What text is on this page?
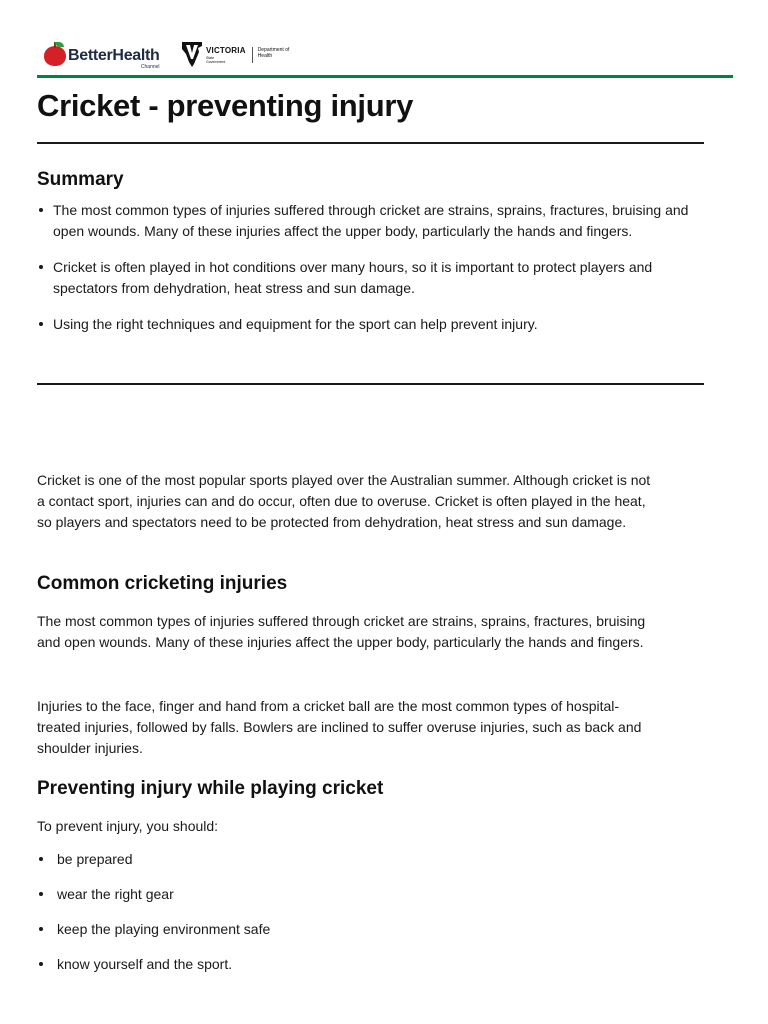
BetterHealth
Channel
VICTORIA
State Government
Department of Health
Cricket - preventing injury
Summary
The most common types of injuries suffered through cricket are strains, sprains, fractures, bruising and open wounds. Many of these injuries affect the upper body, particularly the hands and fingers.
Cricket is often played in hot conditions over many hours, so it is important to protect players and spectators from dehydration, heat stress and sun damage.
Using the right techniques and equipment for the sport can help prevent injury.

Cricket is one of the most popular sports played over the Australian summer. Although cricket is not a contact sport, injuries can and do occur, often due to overuse. Cricket is often played in the heat, so players and spectators need to be protected from dehydration, heat stress and sun damage.

Common cricketing injuries

The most common types of injuries suffered through cricket are strains, sprains, fractures, bruising and open wounds. Many of these injuries affect the upper body, particularly the hands and fingers.

Injuries to the face, finger and hand from a cricket ball are the most common types of hospital-treated injuries, followed by falls. Bowlers are inclined to suffer overuse injuries, such as back and shoulder injuries.

Preventing injury while playing cricket

To prevent injury, you should:

be prepared
wear the right gear
keep the playing environment safe
know yourself and the sport.
